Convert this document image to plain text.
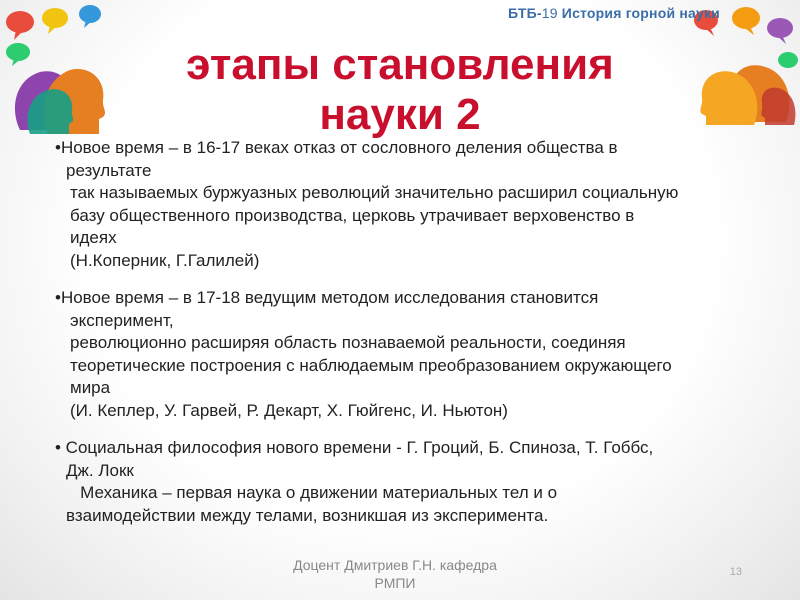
БТБ-19 История горной науки
этапы становления
науки 2
•Новое время – в 16-17 веках отказ от сословного деления общества в
результате
так называемых буржуазных революций значительно расширил социальную
базу общественного производства, церковь утрачивает верховенство в
идеях
(Н.Коперник, Г.Галилей)
•Новое время – в 17-18 ведущим методом исследования становится
эксперимент,
революционно расширяя область познаваемой реальности, соединяя
теоретические построения с наблюдаемым преобразованием окружающего
мира
(И. Кеплер, У. Гарвей, Р. Декарт, Х. Гюйгенс, И. Ньютон)
• Социальная философия нового времени - Г. Гроций, Б. Спиноза, Т. Гоббс,
Дж. Локк
Механика – первая наука о движении материальных тел и о
взаимодействии между телами, возникшая из эксперимента.
Доцент Дмитриев Г.Н. кафедра
РМПИ
13
